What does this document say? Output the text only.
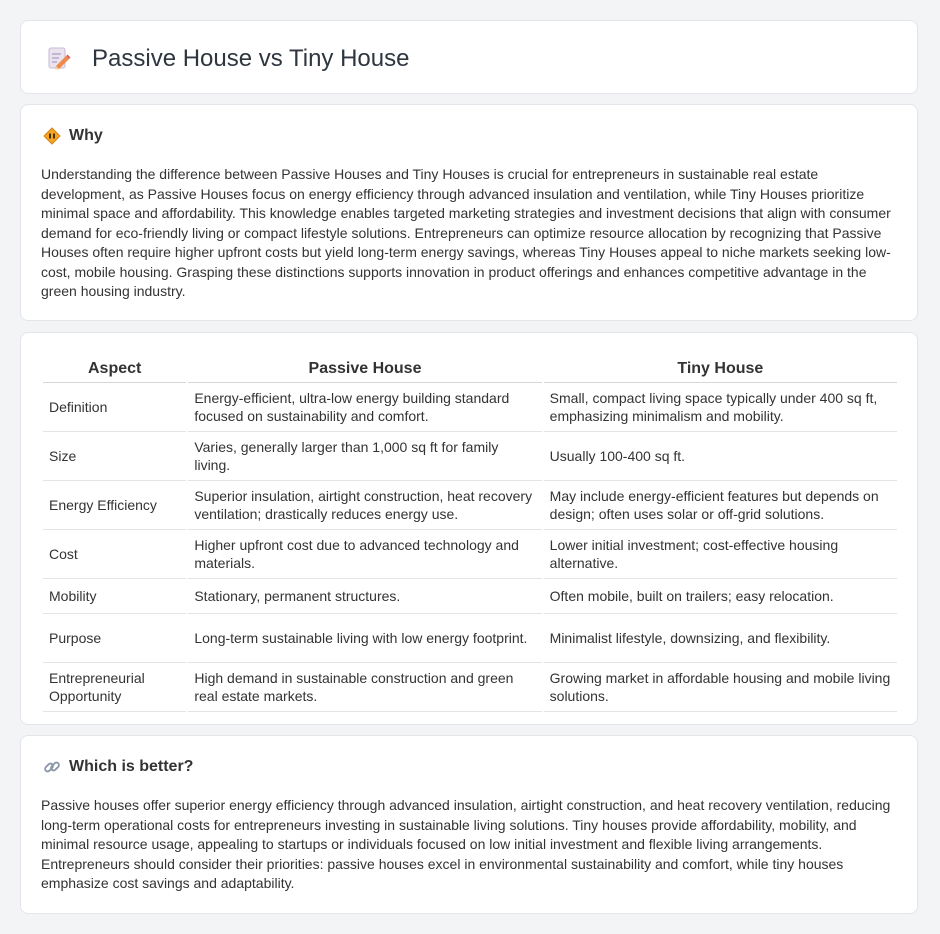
Passive House vs Tiny House
Why

Understanding the difference between Passive Houses and Tiny Houses is crucial for entrepreneurs in sustainable real estate development, as Passive Houses focus on energy efficiency through advanced insulation and ventilation, while Tiny Houses prioritize minimal space and affordability. This knowledge enables targeted marketing strategies and investment decisions that align with consumer demand for eco-friendly living or compact lifestyle solutions. Entrepreneurs can optimize resource allocation by recognizing that Passive Houses often require higher upfront costs but yield long-term energy savings, whereas Tiny Houses appeal to niche markets seeking low-cost, mobile housing. Grasping these distinctions supports innovation in product offerings and enhances competitive advantage in the green housing industry.

Aspect	Passive House	Tiny House
Definition	Energy-efficient, ultra-low energy building standard focused on sustainability and comfort.	Small, compact living space typically under 400 sq ft, emphasizing minimalism and mobility.
Size	Varies, generally larger than 1,000 sq ft for family living.	Usually 100-400 sq ft.
Energy Efficiency	Superior insulation, airtight construction, heat recovery ventilation; drastically reduces energy use.	May include energy-efficient features but depends on design; often uses solar or off-grid solutions.
Cost	Higher upfront cost due to advanced technology and materials.	Lower initial investment; cost-effective housing alternative.
Mobility	Stationary, permanent structures.	Often mobile, built on trailers; easy relocation.
Purpose	Long-term sustainable living with low energy footprint.	Minimalist lifestyle, downsizing, and flexibility.
Entrepreneurial Opportunity	High demand in sustainable construction and green real estate markets.	Growing market in affordable housing and mobile living solutions.
Which is better?

Passive houses offer superior energy efficiency through advanced insulation, airtight construction, and heat recovery ventilation, reducing long-term operational costs for entrepreneurs investing in sustainable living solutions. Tiny houses provide affordability, mobility, and minimal resource usage, appealing to startups or individuals focused on low initial investment and flexible living arrangements. Entrepreneurs should consider their priorities: passive houses excel in environmental sustainability and comfort, while tiny houses emphasize cost savings and adaptability.
